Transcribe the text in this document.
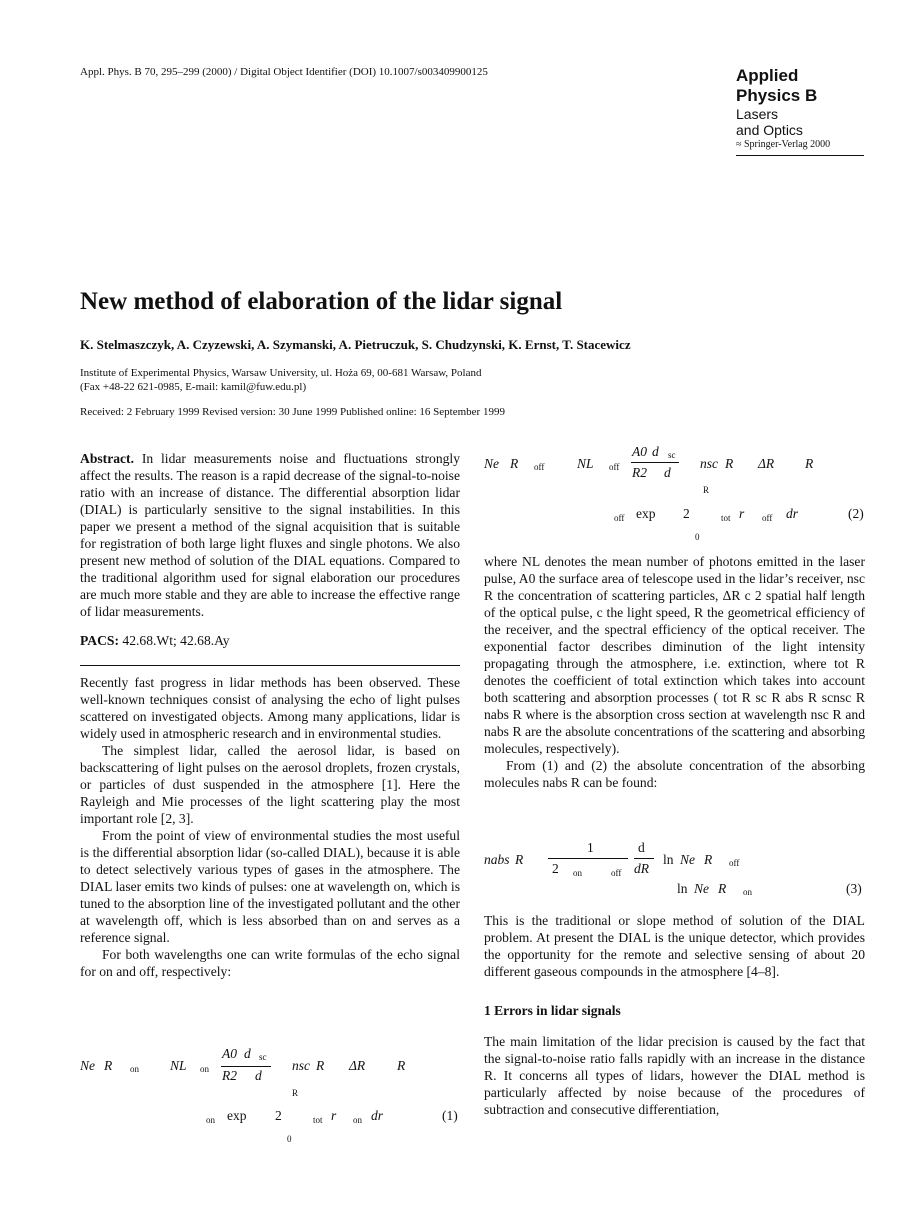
Appl. Phys. B 70, 295–299 (2000) / Digital Object Identifier (DOI) 10.1007/s003409900125	Applied Physics B
Lasers
and Optics
≈ Springer-Verlag 2000
New method of elaboration of the lidar signal
K. Stelmaszczyk, A. Czyzewski, A. Szymanski, A. Pietruczuk, S. Chudzynski, K. Ernst, T. Stacewicz
Institute of Experimental Physics, Warsaw University, ul. Hoża 69, 00-681 Warsaw, Poland
(Fax +48-22 621-0985, E-mail: kamil@fuw.edu.pl)
Received: 2 February 1999 Revised version: 30 June 1999 Published online: 16 September 1999

Abstract. In lidar measurements noise and fluctuations strongly affect the results. The reason is a rapid decrease of the signal-to-noise ratio with an increase of distance. The differential absorption lidar (DIAL) is particularly sensitive to the signal instabilities. In this paper we present a method of the signal acquisition that is suitable for registration of both large light fluxes and single photons. We also present new method of solution of the DIAL equations. Compared to the traditional algorithm used for signal elaboration our procedures are much more stable and they are able to increase the effective range of lidar measurements.

PACS: 42.68.Wt; 42.68.Ay

Recently fast progress in lidar methods has been observed. These well-known techniques consist of analysing the echo of light pulses scattered on investigated objects. Among many applications, lidar is widely used in atmospheric research and in environmental studies.

The simplest lidar, called the aerosol lidar, is based on backscattering of light pulses on the aerosol droplets, frozen crystals, or particles of dust suspended in the atmosphere [1]. Here the Rayleigh and Mie processes of the light scattering play the most important role [2, 3].

From the point of view of environmental studies the most useful is the differential absorption lidar (so-called DIAL), because it is able to detect selectively various types of gases in the atmosphere. The DIAL laser emits two kinds of pulses: one at wavelength on, which is tuned to the absorption line of the investigated pollutant and the other at wavelength off, which is less absorbed than on and serves as a reference signal.

For both wavelengths one can write formulas of the echo signal for on and off, respectively:

Ne R on NL on
A0 d sc
R2 d
nsc R ΔR R
R
on exp 2	tot r on dr
0
(1)
Ne R off NL off
A0 d sc
R2 d
nsc R ΔR R
R
off exp 2	tot r off dr
0
(2)

where NL denotes the mean number of photons emitted in the laser pulse, A0 the surface area of telescope used in the lidar’s receiver, nsc R the concentration of scattering particles, ΔR c 2 spatial half length of the optical pulse, c the light speed, R the geometrical efficiency of the receiver, and the spectral efficiency of the optical receiver. The exponential factor describes diminution of the light intensity propagating through the atmosphere, i.e. extinction, where tot R denotes the coefficient of total extinction which takes into account both scattering and absorption processes ( tot R sc R abs R scnsc R nabs R where is the absorption cross section at wavelength nsc R and nabs R are the absolute concentrations of the scattering and absorbing molecules, respectively).

From (1) and (2) the absolute concentration of the absorbing molecules nabs R can be found:

nabs R
1
2 on	off
d
dR
ln Ne R off
ln Ne R on	(3)

This is the traditional or slope method of solution of the DIAL problem. At present the DIAL is the unique detector, which provides the opportunity for the remote and selective sensing of about 20 different gaseous compounds in the atmosphere [4–8].

1 Errors in lidar signals

The main limitation of the lidar precision is caused by the fact that the signal-to-noise ratio falls rapidly with an increase in the distance R. It concerns all types of lidars, however the DIAL method is particularly affected by noise because of the procedures of subtraction and consecutive differentiation,
